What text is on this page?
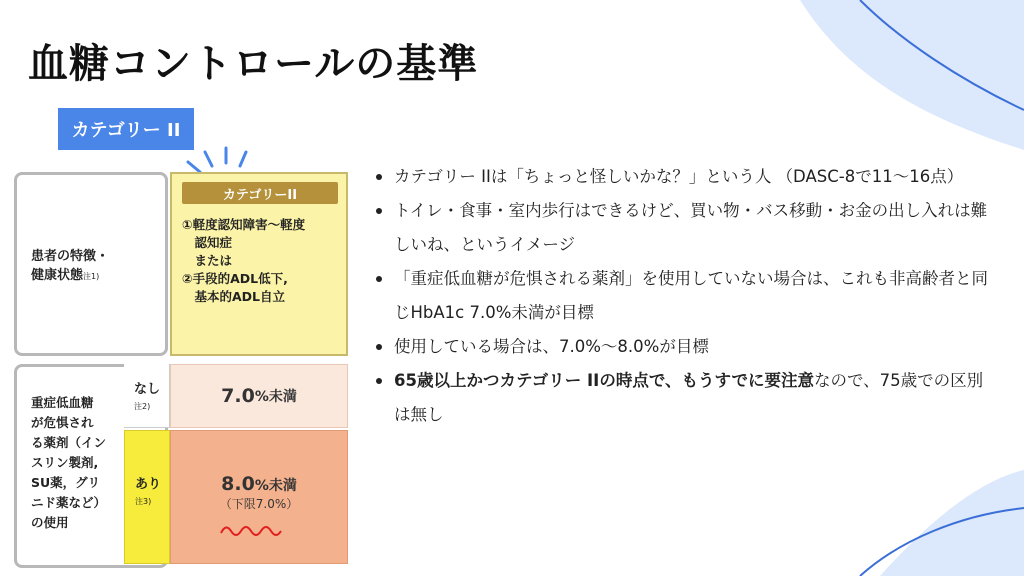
血糖コントロールの基準
カテゴリー II
患者の特徴・
健康状態注1)
カテゴリーII
①軽度認知障害～軽度
　認知症
　または
②手段的ADL低下,
　基本的ADL自立
重症低血糖
が危惧され
る薬剤（イン
スリン製剤,
SU薬，グリ
ニド薬など）
の使用
なし
注2)
あり
注3)
7.0 %未満
8.0%未満
（下限7.0%）
カテゴリー IIは「ちょっと怪しいかな？」という人 （DASC-8で11～16点）
トイレ・食事・室内歩行はできるけど、買い物・バス移動・お金の出し入れは難しいね、というイメージ
「重症低血糖が危惧される薬剤」を使用していない場合は、これも非高齢者と同じHbA1c 7.0%未満が目標
使用している場合は、7.0%～8.0%が目標
65歳以上かつカテゴリー IIの時点で、もうすでに要注意なので、75歳での区別は無し
